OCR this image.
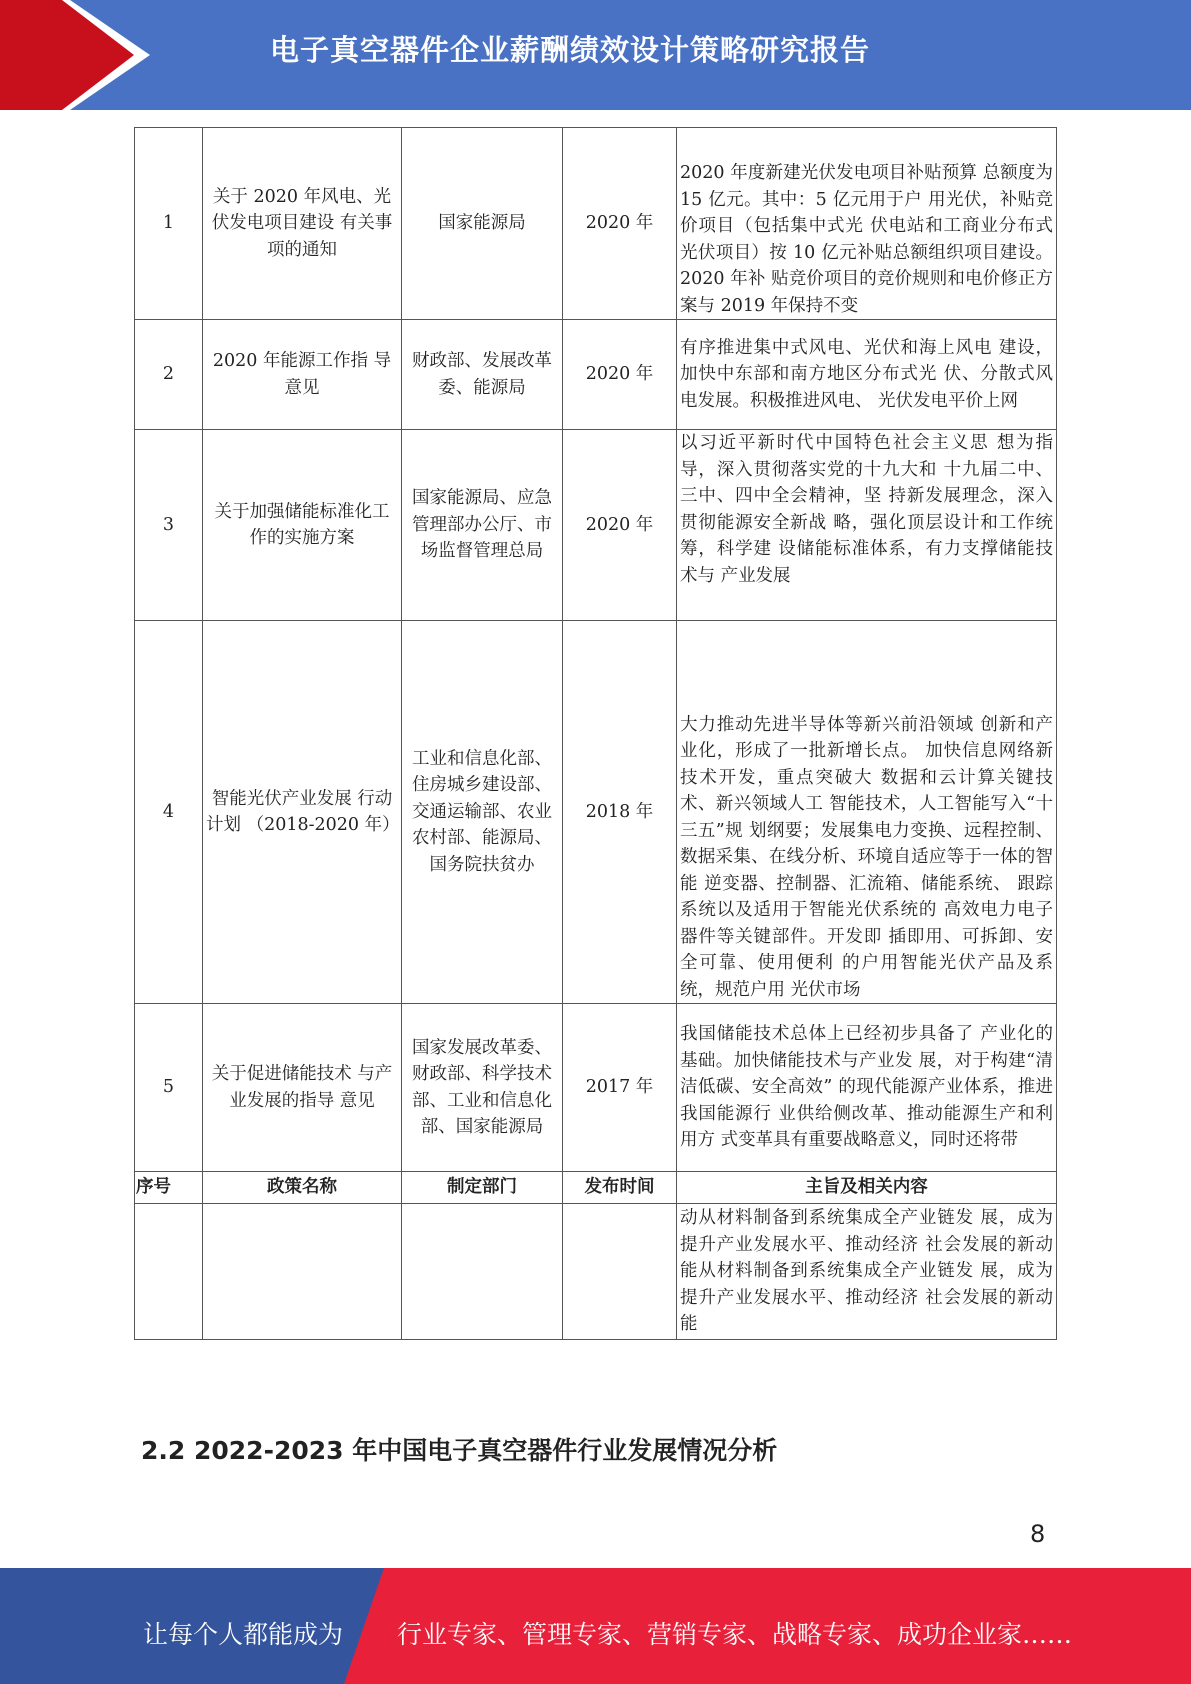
电子真空器件企业薪酬绩效设计策略研究报告
1	关于 2020 年风电、光伏发电项目建设 有关事项的通知	国家能源局	2020 年	2020 年度新建光伏发电项目补贴预算 总额度为 15 亿元。其中：5 亿元用于户 用光伏，补贴竞价项目（包括集中式光 伏电站和工商业分布式光伏项目）按 10 亿元补贴总额组织项目建设。2020 年补 贴竞价项目的竞价规则和电价修正方 案与 2019 年保持不变
2	2020 年能源工作指 导意见	财政部、发展改革委、能源局	2020 年	有序推进集中式风电、光伏和海上风电 建设，加快中东部和南方地区分布式光 伏、分散式风电发展。积极推进风电、 光伏发电平价上网
3	关于加强储能标准化工作的实施方案	国家能源局、应急管理部办公厅、市场监督管理总局	2020 年	以习近平新时代中国特色社会主义思 想为指导，深入贯彻落实党的十九大和 十九届二中、三中、四中全会精神，坚 持新发展理念，深入贯彻能源安全新战 略，强化顶层设计和工作统筹，科学建 设储能标准体系，有力支撑储能技术与 产业发展
4	智能光伏产业发展 行动计划 （2018-2020 年）	工业和信息化部、住房城乡建设部、交通运输部、农业农村部、能源局、国务院扶贫办	2018 年	大力推动先进半导体等新兴前沿领域 创新和产业化，形成了一批新增长点。 加快信息网络新技术开发，重点突破大 数据和云计算关键技术、新兴领域人工 智能技术，人工智能写入“十三五”规 划纲要；发展集电力变换、远程控制、数据采集、在线分析、环境自适应等于一体的智能 逆变器、控制器、汇流箱、储能系统、 跟踪系统以及适用于智能光伏系统的 高效电力电子器件等关键部件。开发即 插即用、可拆卸、安全可靠、使用便利 的户用智能光伏产品及系统，规范户用 光伏市场
5	关于促进储能技术 与产业发展的指导 意见	国家发展改革委、财政部、科学技术部、工业和信息化部、国家能源局	2017 年	我国储能技术总体上已经初步具备了 产业化的基础。加快储能技术与产业发 展，对于构建“清洁低碳、安全高效” 的现代能源产业体系，推进我国能源行 业供给侧改革、推动能源生产和利用方 式变革具有重要战略意义，同时还将带
序号	政策名称	制定部门	发布时间	主旨及相关内容
				动从材料制备到系统集成全产业链发 展，成为提升产业发展水平、推动经济 社会发展的新动能从材料制备到系统集成全产业链发 展，成为提升产业发展水平、推动经济 社会发展的新动能
2.2 2022-2023 年中国电子真空器件行业发展情况分析
8
让每个人都能成为 行业专家、管理专家、营销专家、战略专家、成功企业家……
